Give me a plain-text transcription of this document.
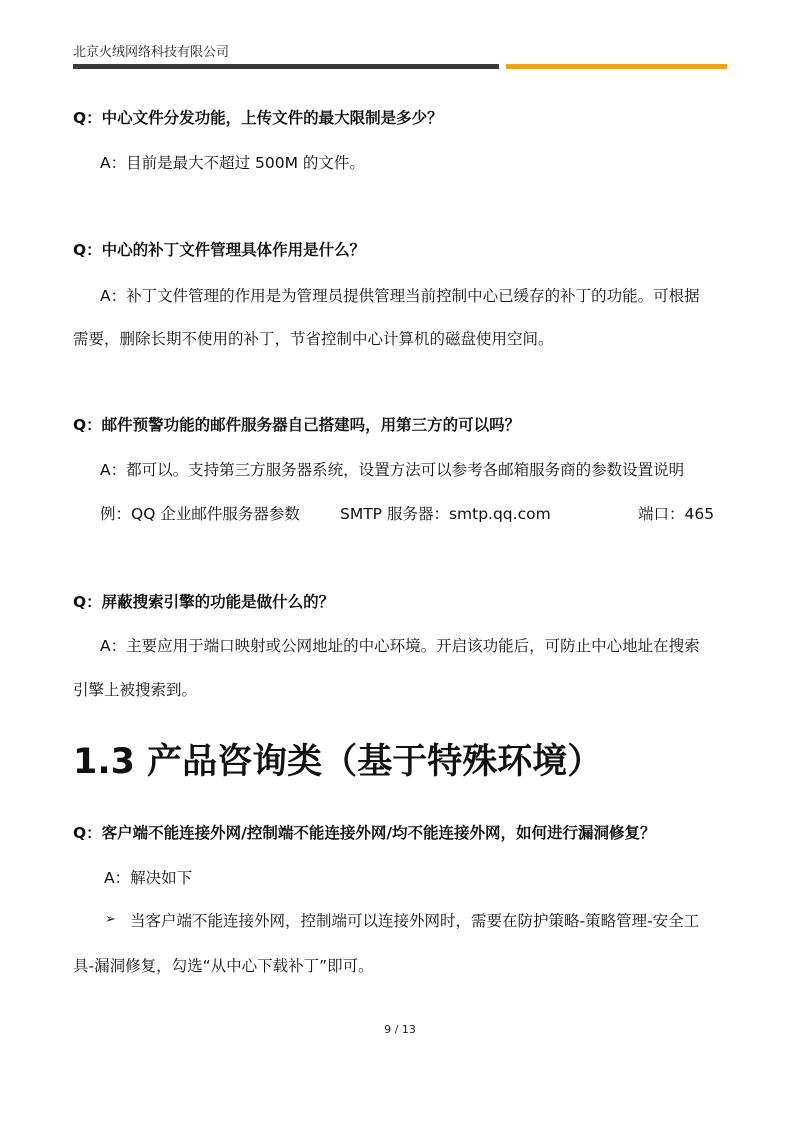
北京火绒网络科技有限公司
Q：中心文件分发功能，上传文件的最大限制是多少？
A：目前是最大不超过 500M 的文件。
Q：中心的补丁文件管理具体作用是什么？
A：补丁文件管理的作用是为管理员提供管理当前控制中心已缓存的补丁的功能。可根据
需要，删除长期不使用的补丁，节省控制中心计算机的磁盘使用空间。
Q：邮件预警功能的邮件服务器自己搭建吗，用第三方的可以吗？
A：都可以。支持第三方服务器系统，设置方法可以参考各邮箱服务商的参数设置说明
例：QQ 企业邮件服务器参数	SMTP 服务器：smtp.qq.com	端口：465
Q：屏蔽搜索引擎的功能是做什么的？
A：主要应用于端口映射或公网地址的中心环境。开启该功能后，可防止中心地址在搜索
引擎上被搜索到。
1.3 产品咨询类（基于特殊环境）
Q：客户端不能连接外网/控制端不能连接外网/均不能连接外网，如何进行漏洞修复？
A：解决如下
➢ 当客户端不能连接外网，控制端可以连接外网时，需要在防护策略-策略管理-安全工
具-漏洞修复，勾选“从中心下载补丁”即可。
9 / 13
